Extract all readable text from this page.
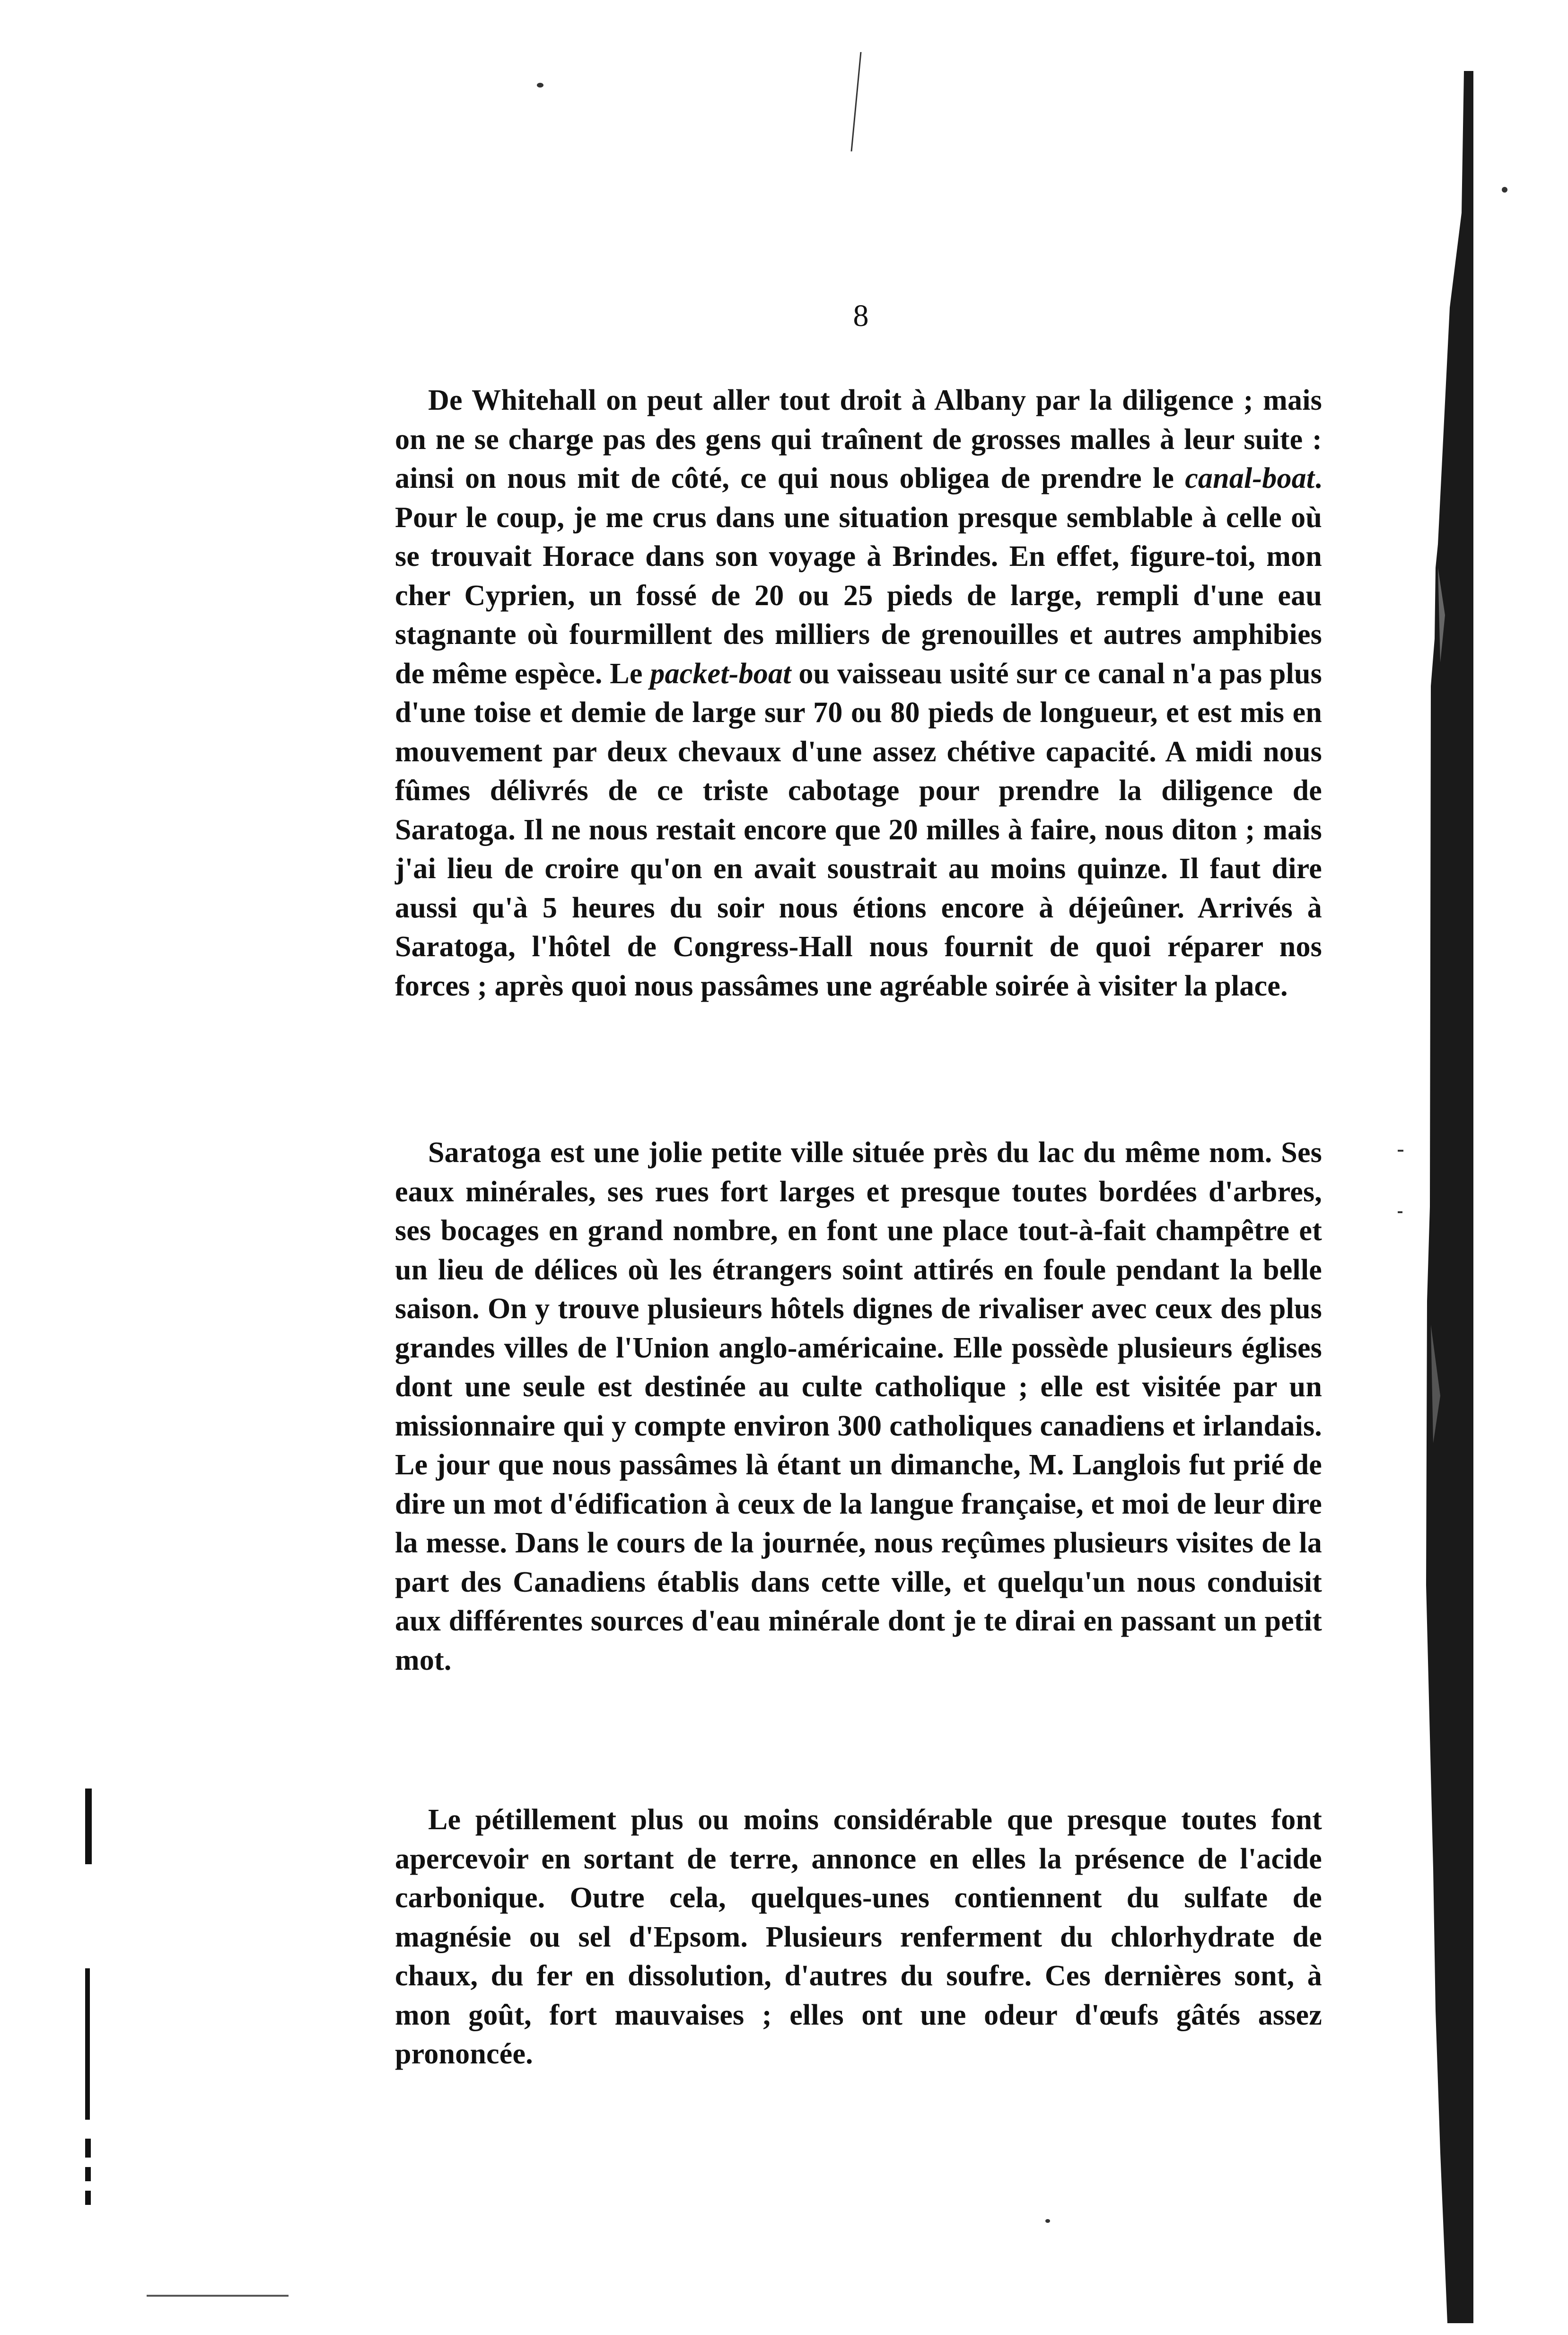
8
De Whitehall on peut aller tout droit à Albany par la diligence ; mais on ne se charge pas des gens qui traînent de grosses malles à leur suite : ainsi on nous mit de côté, ce qui nous obligea de prendre le canal-boat. Pour le coup, je me crus dans une situation presque semblable à celle où se trouvait Horace dans son voyage à Brindes. En effet, figure-toi, mon cher Cyprien, un fossé de 20 ou 25 pieds de large, rempli d'une eau stagnante où fourmillent des milliers de grenouilles et autres amphibies de même espèce. Le packet-boat ou vaisseau usité sur ce canal n'a pas plus d'une toise et demie de large sur 70 ou 80 pieds de longueur, et est mis en mouvement par deux chevaux d'une assez chétive capacité. A midi nous fûmes délivrés de ce triste cabotage pour prendre la diligence de Saratoga. Il ne nous restait encore que 20 milles à faire, nous diton ; mais j'ai lieu de croire qu'on en avait soustrait au moins quinze. Il faut dire aussi qu'à 5 heures du soir nous étions encore à déjeûner. Arrivés à Saratoga, l'hôtel de Congress-Hall nous fournit de quoi réparer nos forces ; après quoi nous passâmes une agréable soirée à visiter la place.
Saratoga est une jolie petite ville située près du lac du même nom. Ses eaux minérales, ses rues fort larges et presque toutes bordées d'arbres, ses bocages en grand nombre, en font une place tout-à-fait champêtre et un lieu de délices où les étrangers soint attirés en foule pendant la belle saison. On y trouve plusieurs hôtels dignes de rivaliser avec ceux des plus grandes villes de l'Union anglo-américaine. Elle possède plusieurs églises dont une seule est destinée au culte catholique ; elle est visitée par un missionnaire qui y compte environ 300 catholiques canadiens et irlandais. Le jour que nous passâmes là étant un dimanche, M. Langlois fut prié de dire un mot d'édification à ceux de la langue française, et moi de leur dire la messe. Dans le cours de la journée, nous reçûmes plusieurs visites de la part des Canadiens établis dans cette ville, et quelqu'un nous conduisit aux différentes sources d'eau minérale dont je te dirai en passant un petit mot.
Le pétillement plus ou moins considérable que presque toutes font apercevoir en sortant de terre, annonce en elles la présence de l'acide carbonique. Outre cela, quelques-unes contiennent du sulfate de magnésie ou sel d'Epsom. Plusieurs renferment du chlorhydrate de chaux, du fer en dissolution, d'autres du soufre. Ces dernières sont, à mon goût, fort mauvaises ; elles ont une odeur d'œufs gâtés assez prononcée.
